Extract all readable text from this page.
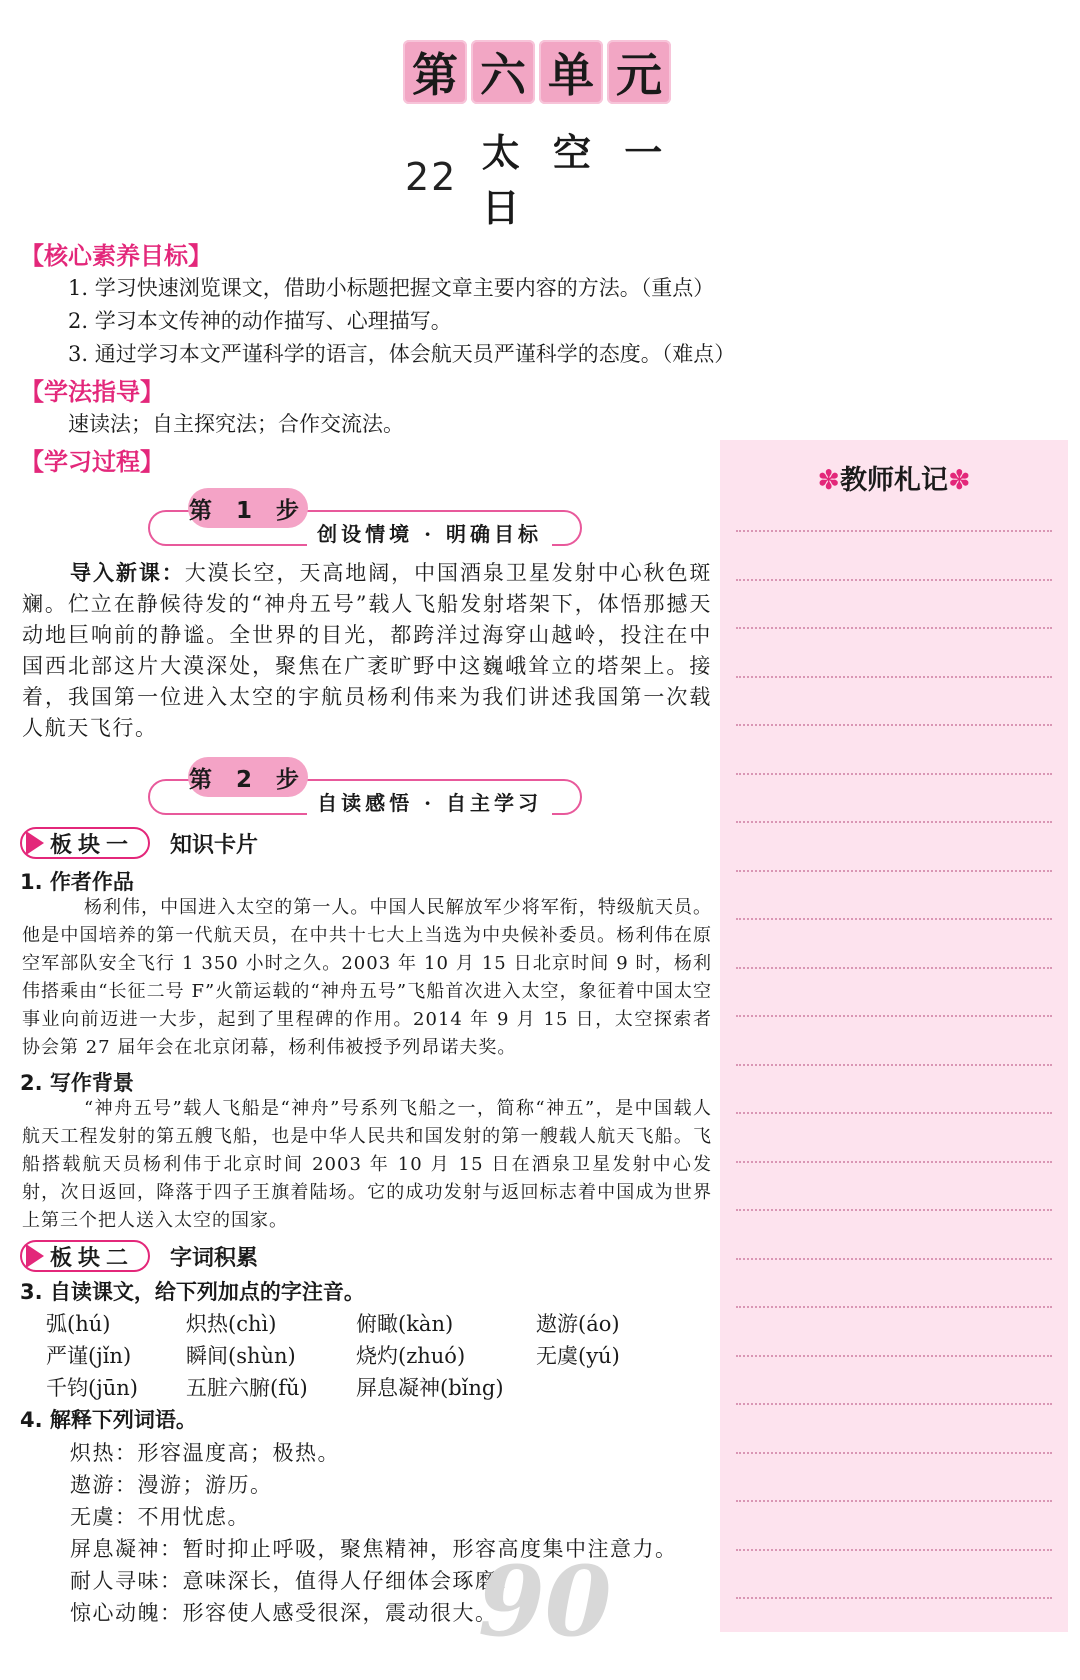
第 六 单 元
22
太 空 一 日
【核心素养目标】
1. 学习快速浏览课文，借助小标题把握文章主要内容的方法。（重点）
2. 学习本文传神的动作描写、心理描写。
3. 通过学习本文严谨科学的语言，体会航天员严谨科学的态度。（难点）
【学法指导】
速读法；自主探究法；合作交流法。
【学习过程】
✽教师札记✽
第 1 步
创设情境 · 明确目标
导入新课：大漠长空，天高地阔，中国酒泉卫星发射中心秋色斑斓。伫立在静候待发的“神舟五号”载人飞船发射塔架下，体悟那撼天动地巨响前的静谧。全世界的目光，都跨洋过海穿山越岭，投注在中国西北部这片大漠深处，聚焦在广袤旷野中这巍峨耸立的塔架上。接着，我国第一位进入太空的宇航员杨利伟来为我们讲述我国第一次载人航天飞行。
第 2 步
自读感悟 · 自主学习
板块一 知识卡片
1. 作者作品
杨利伟，中国进入太空的第一人。中国人民解放军少将军衔，特级航天员。他是中国培养的第一代航天员，在中共十七大上当选为中央候补委员。杨利伟在原空军部队安全飞行 1 350 小时之久。2003 年 10 月 15 日北京时间 9 时，杨利伟搭乘由“长征二号 F”火箭运载的“神舟五号”飞船首次进入太空，象征着中国太空事业向前迈进一大步，起到了里程碑的作用。2014 年 9 月 15 日，太空探索者协会第 27 届年会在北京闭幕，杨利伟被授予列昂诺夫奖。
2. 写作背景
“神舟五号”载人飞船是“神舟”号系列飞船之一，简称“神五”，是中国载人航天工程发射的第五艘飞船，也是中华人民共和国发射的第一艘载人航天飞船。飞船搭载航天员杨利伟于北京时间 2003 年 10 月 15 日在酒泉卫星发射中心发射，次日返回，降落于四子王旗着陆场。它的成功发射与返回标志着中国成为世界上第三个把人送入太空的国家。
板块二 字词积累
3. 自读课文，给下列加点的字注音。
弧(hú)	炽热(chì)	俯瞰(kàn)	遨游(áo)
严谨(jǐn)	瞬间(shùn)	烧灼(zhuó)	无虞(yú)
千钧(jūn)	五脏六腑(fǔ)	屏息凝神(bǐng)
4. 解释下列词语。
炽热：形容温度高；极热。
遨游：漫游；游历。
无虞：不用忧虑。
屏息凝神：暂时抑止呼吸，聚焦精神，形容高度集中注意力。
耐人寻味：意味深长，值得人仔细体会琢磨。
惊心动魄：形容使人感受很深，震动很大。
90
